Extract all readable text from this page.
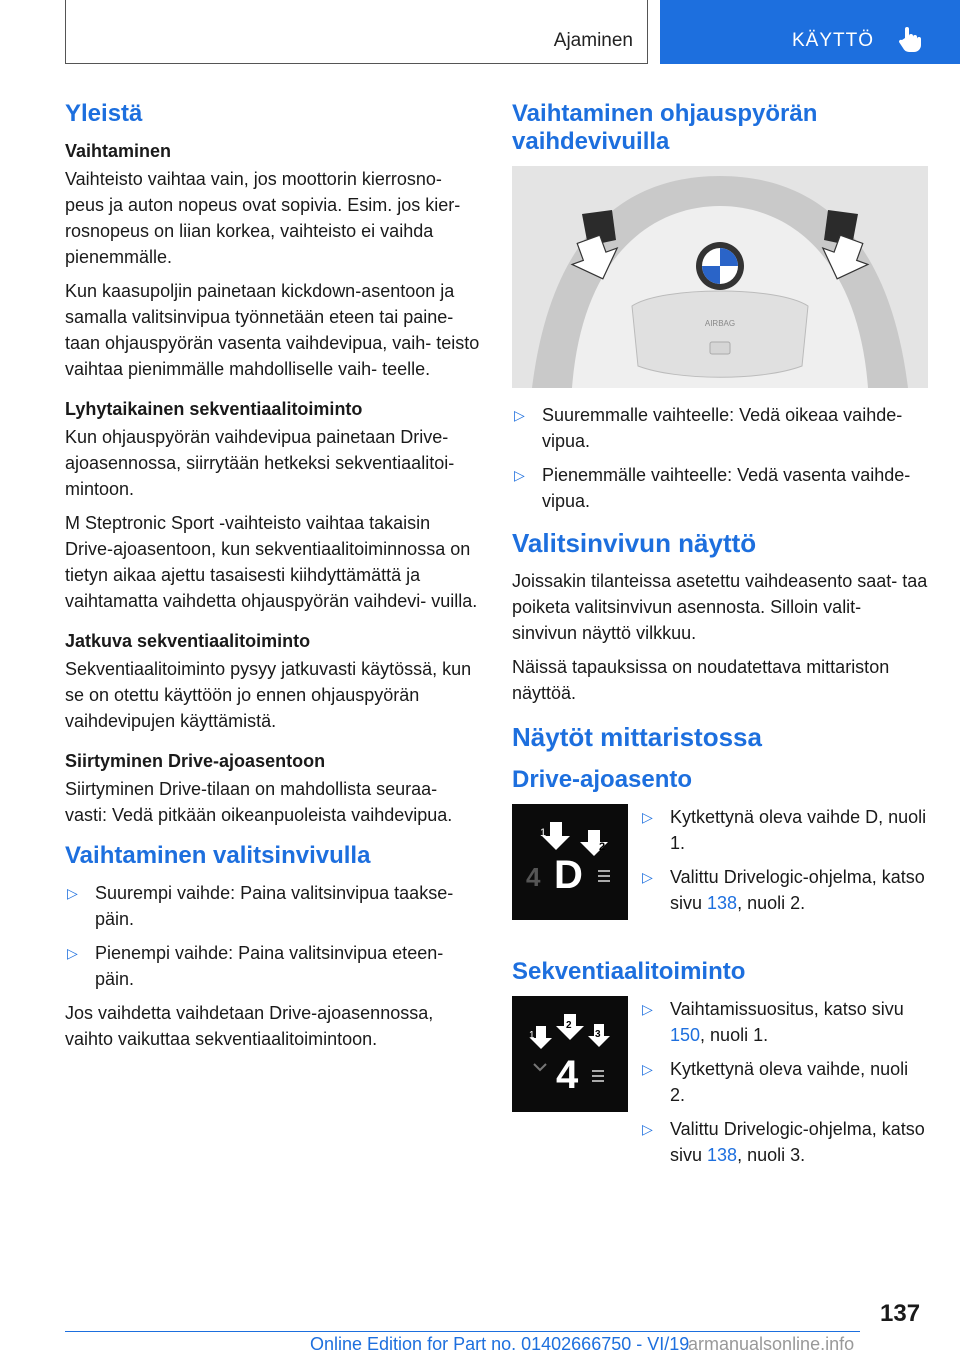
Ajaminen	KÄYTTÖ
Yleistä
Vaihtaminen

Vaihteisto vaihtaa vain, jos moottorin kierrosno- peus ja auton nopeus ovat sopivia. Esim. jos kier- rosnopeus on liian korkea, vaihteisto ei vaihda pienemmälle.

Kun kaasupoljin painetaan kickdown-asentoon ja samalla valitsinvipua työnnetään eteen tai paine- taan ohjauspyörän vasenta vaihdevipua, vaih- teisto vaihtaa pienimmälle mahdolliselle vaih- teelle.

Lyhytaikainen sekventiaalitoiminto

Kun ohjauspyörän vaihdevipua painetaan Drive- ajoasennossa, siirrytään hetkeksi sekventiaalitoi- mintoon.

M Steptronic Sport -vaihteisto vaihtaa takaisin Drive-ajoasentoon, kun sekventiaalitoiminnossa on tietyn aikaa ajettu tasaisesti kiihdyttämättä ja vaihtamatta vaihdetta ohjauspyörän vaihdevi- vuilla.

Jatkuva sekventiaalitoiminto

Sekventiaalitoiminto pysyy jatkuvasti käytössä, kun se on otettu käyttöön jo ennen ohjauspyörän vaihdevipujen käyttämistä.

Siirtyminen Drive-ajoasentoon

Siirtyminen Drive-tilaan on mahdollista seuraa- vasti: Vedä pitkään oikeanpuoleista vaihdevipua.

Vaihtaminen valitsinvivulla
▷ Suurempi vaihde: Paina valitsinvipua taakse- päin.
▷ Pienempi vaihde: Paina valitsinvipua eteen- päin.

Jos vaihdetta vaihdetaan Drive-ajoasennossa, vaihto vaikuttaa sekventiaalitoimintoon.

Vaihtaminen ohjauspyörän vaihdevivuilla
AIRBAG
▷ Suuremmalle vaihteelle: Vedä oikeaa vaihde- vipua.
▷ Pienemmälle vaihteelle: Vedä vasenta vaihde- vipua.
Valitsinvivun näyttö

Joissakin tilanteissa asetettu vaihdeasento saat- taa poiketa valitsinvivun asennosta. Silloin valit- sinvivun näyttö vilkkuu.

Näissä tapauksissa on noudatettava mittariston näyttöä.

Näytöt mittaristossa
Drive-ajoasento
1
2
4 D
▷ Kytkettynä oleva vaihde D, nuoli 1.
▷ Valittu Drivelogic-ohjelma, katso sivu 138, nuoli 2.
Sekventiaalitoiminto
1
2
3
4
▷ Vaihtamissuositus, katso sivu 150, nuoli 1.
▷ Kytkettynä oleva vaihde, nuoli 2.
▷ Valittu Drivelogic-ohjelma, katso sivu 138, nuoli 3.
137
Online Edition for Part no. 01402666750 - VI/19
armanualsonline.info
